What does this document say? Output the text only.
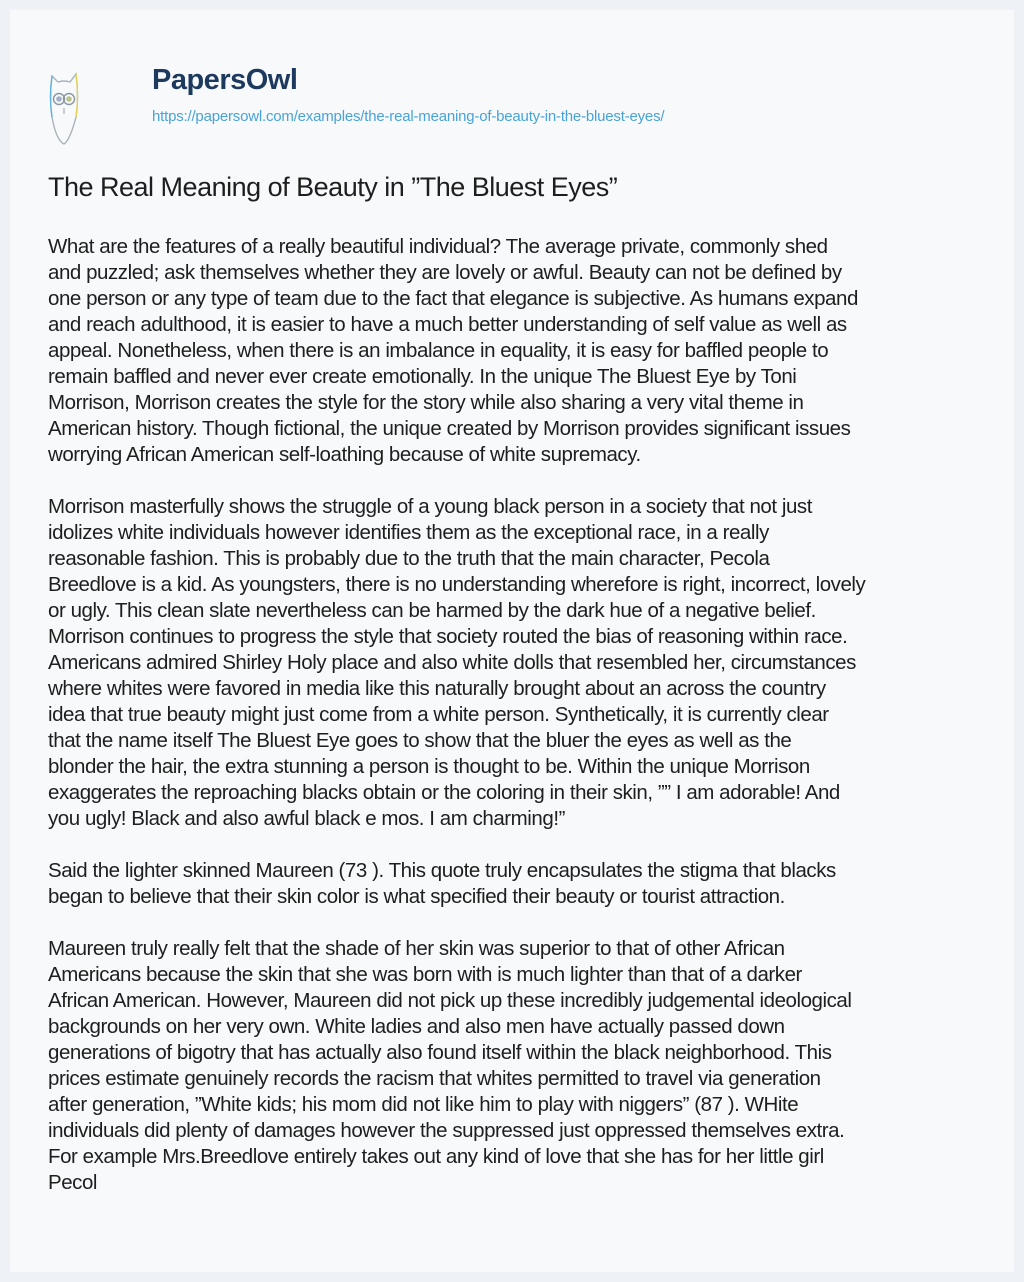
PapersOwl
https://papersowl.com/examples/the-real-meaning-of-beauty-in-the-bluest-eyes/
The Real Meaning of Beauty in ”The Bluest Eyes”

What are the features of a really beautiful individual? The average private, commonly shed
and puzzled; ask themselves whether they are lovely or awful. Beauty can not be defined by
one person or any type of team due to the fact that elegance is subjective. As humans expand
and reach adulthood, it is easier to have a much better understanding of self value as well as
appeal. Nonetheless, when there is an imbalance in equality, it is easy for baffled people to
remain baffled and never ever create emotionally. In the unique The Bluest Eye by Toni
Morrison, Morrison creates the style for the story while also sharing a very vital theme in
American history. Though fictional, the unique created by Morrison provides significant issues
worrying African American self-loathing because of white supremacy.

Morrison masterfully shows the struggle of a young black person in a society that not just
idolizes white individuals however identifies them as the exceptional race, in a really
reasonable fashion. This is probably due to the truth that the main character, Pecola
Breedlove is a kid. As youngsters, there is no understanding wherefore is right, incorrect, lovely
or ugly. This clean slate nevertheless can be harmed by the dark hue of a negative belief.
Morrison continues to progress the style that society routed the bias of reasoning within race.
Americans admired Shirley Holy place and also white dolls that resembled her, circumstances
where whites were favored in media like this naturally brought about an across the country
idea that true beauty might just come from a white person. Synthetically, it is currently clear
that the name itself The Bluest Eye goes to show that the bluer the eyes as well as the
blonder the hair, the extra stunning a person is thought to be. Within the unique Morrison
exaggerates the reproaching blacks obtain or the coloring in their skin, ”” I am adorable! And
you ugly! Black and also awful black e mos. I am charming!”

Said the lighter skinned Maureen (73 ). This quote truly encapsulates the stigma that blacks
began to believe that their skin color is what specified their beauty or tourist attraction.

Maureen truly really felt that the shade of her skin was superior to that of other African
Americans because the skin that she was born with is much lighter than that of a darker
African American. However, Maureen did not pick up these incredibly judgemental ideological
backgrounds on her very own. White ladies and also men have actually passed down
generations of bigotry that has actually also found itself within the black neighborhood. This
prices estimate genuinely records the racism that whites permitted to travel via generation
after generation, ”White kids; his mom did not like him to play with niggers” (87 ). WHite
individuals did plenty of damages however the suppressed just oppressed themselves extra.
For example Mrs.Breedlove entirely takes out any kind of love that she has for her little girl
Pecol
